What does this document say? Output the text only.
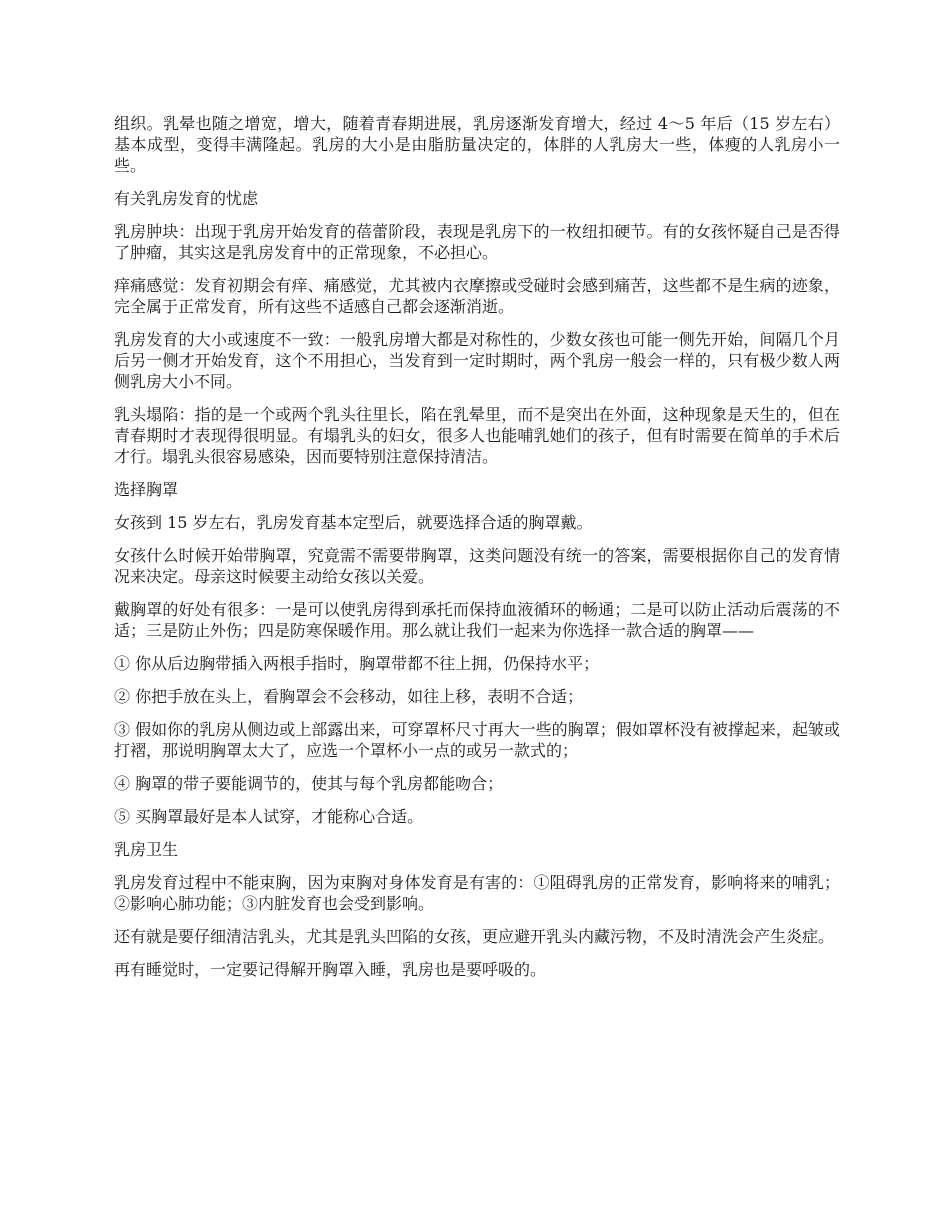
组织。乳晕也随之增宽，增大，随着青春期进展，乳房逐渐发育增大，经过 4～5 年后（15 岁左右）基本成型，变得丰满隆起。乳房的大小是由脂肪量决定的，体胖的人乳房大一些，体瘦的人乳房小一些。

有关乳房发育的忧虑

乳房肿块：出现于乳房开始发育的蓓蕾阶段，表现是乳房下的一枚纽扣硬节。有的女孩怀疑自己是否得了肿瘤，其实这是乳房发育中的正常现象，不必担心。

痒痛感觉：发育初期会有痒、痛感觉，尤其被内衣摩擦或受碰时会感到痛苦，这些都不是生病的迹象，完全属于正常发育，所有这些不适感自己都会逐渐消逝。

乳房发育的大小或速度不一致：一般乳房增大都是对称性的，少数女孩也可能一侧先开始，间隔几个月后另一侧才开始发育，这个不用担心，当发育到一定时期时，两个乳房一般会一样的，只有极少数人两侧乳房大小不同。

乳头塌陷：指的是一个或两个乳头往里长，陷在乳晕里，而不是突出在外面，这种现象是天生的，但在青春期时才表现得很明显。有塌乳头的妇女，很多人也能哺乳她们的孩子，但有时需要在简单的手术后才行。塌乳头很容易感染，因而要特别注意保持清洁。

选择胸罩

女孩到 15 岁左右，乳房发育基本定型后，就要选择合适的胸罩戴。

女孩什么时候开始带胸罩，究竟需不需要带胸罩，这类问题没有统一的答案，需要根据你自己的发育情况来决定。母亲这时候要主动给女孩以关爱。

戴胸罩的好处有很多：一是可以使乳房得到承托而保持血液循环的畅通；二是可以防止活动后震荡的不适；三是防止外伤；四是防寒保暖作用。那么就让我们一起来为你选择一款合适的胸罩——

① 你从后边胸带插入两根手指时，胸罩带都不往上拥，仍保持水平；

② 你把手放在头上，看胸罩会不会移动，如往上移，表明不合适；

③ 假如你的乳房从侧边或上部露出来，可穿罩杯尺寸再大一些的胸罩；假如罩杯没有被撑起来，起皱或打褶，那说明胸罩太大了，应选一个罩杯小一点的或另一款式的；

④ 胸罩的带子要能调节的，使其与每个乳房都能吻合；

⑤ 买胸罩最好是本人试穿，才能称心合适。

乳房卫生

乳房发育过程中不能束胸，因为束胸对身体发育是有害的：①阻碍乳房的正常发育，影响将来的哺乳；②影响心肺功能；③内脏发育也会受到影响。

还有就是要仔细清洁乳头，尤其是乳头凹陷的女孩，更应避开乳头内藏污物，不及时清洗会产生炎症。

再有睡觉时，一定要记得解开胸罩入睡，乳房也是要呼吸的。
